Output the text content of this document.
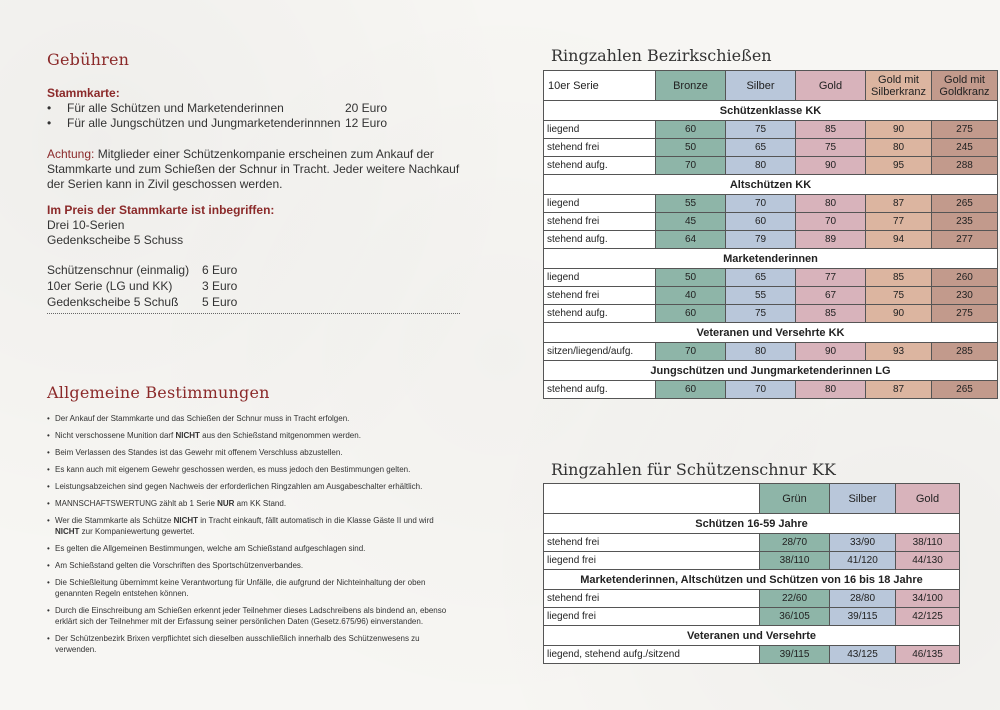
Gebühren
Stammkarte:
•	Für alle Schützen und Marketenderinnen	20 Euro
•	Für alle Jungschützen und Jungmarketenderinnnen 12 Euro
Achtung: Mitglieder einer Schützenkompanie erscheinen zum Ankauf der Stammkarte und zum Schießen der Schnur in Tracht. Jeder weitere Nachkauf der Serien kann in Zivil geschossen werden.
Im Preis der Stammkarte ist inbegriffen:
Drei 10-Serien
Gedenkscheibe 5 Schuss
Schützenschnur (einmalig)	6 Euro
10er Serie (LG und KK)	3 Euro
Gedenkscheibe 5 Schuß	5 Euro
Allgemeine Bestimmungen
• Der Ankauf der Stammkarte und das Schießen der Schnur muss in Tracht erfolgen.
• Nicht verschossene Munition darf NICHT aus den Schießstand mitgenommen werden.
• Beim Verlassen des Standes ist das Gewehr mit offenem Verschluss abzustellen.
• Es kann auch mit eigenem Gewehr geschossen werden, es muss jedoch den Bestimmungen gelten.
• Leistungsabzeichen sind gegen Nachweis der erforderlichen Ringzahlen am Ausgabeschalter erhältlich.
• MANNSCHAFTSWERTUNG zählt ab 1 Serie NUR am KK Stand.
• Wer die Stammkarte als Schütze NICHT in Tracht einkauft, fällt automatisch in die Klasse Gäste II und wird NICHT zur Kompaniewertung gewertet.
• Es gelten die Allgemeinen Bestimmungen, welche am Schießstand aufgeschlagen sind.
• Am Schießstand gelten die Vorschriften des Sportschützenverbandes.
• Die Schießleitung übernimmt keine Verantwortung für Unfälle, die aufgrund der Nichteinhaltung der oben genannten Regeln entstehen können.
• Durch die Einschreibung am Schießen erkennt jeder Teilnehmer dieses Ladschreibens als bindend an, ebenso erklärt sich der Teilnehmer mit der Erfassung seiner persönlichen Daten (Gesetz.675/96) einverstanden.
• Der Schützenbezirk Brixen verpflichtet sich dieselben ausschließlich innerhalb des Schützenwesens zu verwenden.
Ringzahlen Bezirkschießen
10er Serie	Bronze	Silber	Gold	Gold mit Silberkranz	Gold mit Goldkranz
Schützenklasse KK					
liegend	60	75	85	90	275
stehend frei	50	65	75	80	245
stehend aufg.	70	80	90	95	288
Altschützen KK					
liegend	55	70	80	87	265
stehend frei	45	60	70	77	235
stehend aufg.	64	79	89	94	277
Marketenderinnen					
liegend	50	65	77	85	260
stehend frei	40	55	67	75	230
stehend aufg.	60	75	85	90	275
Veteranen und Versehrte KK					
sitzen/liegend/aufg.	70	80	90	93	285
Jungschützen und Jungmarketenderinnen LG					
stehend aufg.	60	70	80	87	265
Ringzahlen für Schützenschnur KK
	Grün	Silber	Gold
Schützen 16-59 Jahre			
stehend frei	28/70	33/90	38/110
liegend frei	38/110	41/120	44/130
Marketenderinnen, Altschützen und Schützen von 16 bis 18 Jahre			
stehend frei	22/60	28/80	34/100
liegend frei	36/105	39/115	42/125
Veteranen und Versehrte			
liegend, stehend aufg./sitzend	39/115	43/125	46/135
